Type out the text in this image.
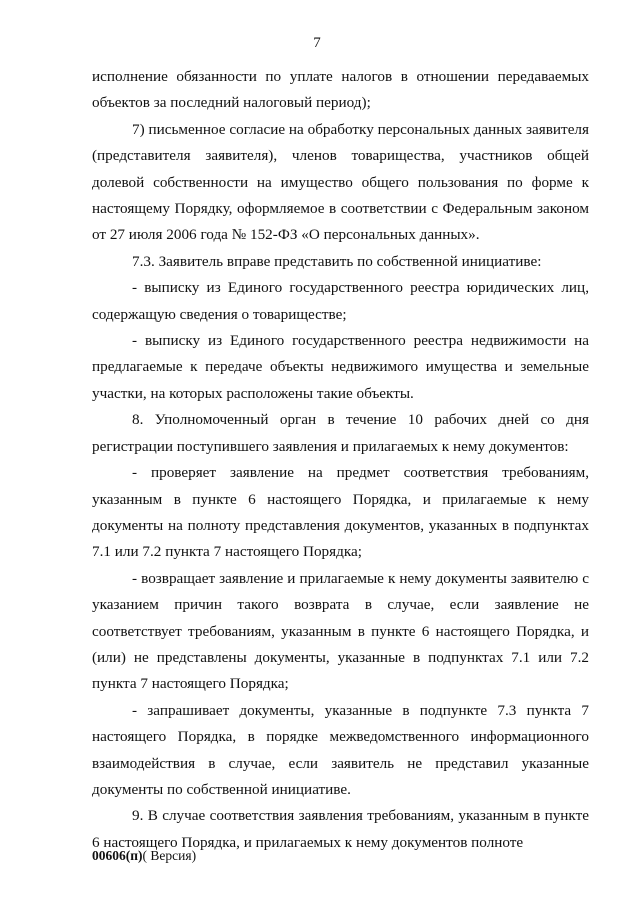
7

исполнение обязанности по уплате налогов в отношении передаваемых объектов за последний налоговый период);

7) письменное согласие на обработку персональных данных заявителя (представителя заявителя), членов товарищества, участников общей долевой собственности на имущество общего пользования по форме к настоящему Порядку, оформляемое в соответствии с Федеральным законом от 27 июля 2006 года № 152-ФЗ «О персональных данных».

7.3. Заявитель вправе представить по собственной инициативе:

- выписку из Единого государственного реестра юридических лиц, содержащую сведения о товариществе;

- выписку из Единого государственного реестра недвижимости на предлагаемые к передаче объекты недвижимого имущества и земельные участки, на которых расположены такие объекты.

8. Уполномоченный орган в течение 10 рабочих дней со дня регистрации поступившего заявления и прилагаемых к нему документов:

- проверяет заявление на предмет соответствия требованиям, указанным в пункте 6 настоящего Порядка, и прилагаемые к нему документы на полноту представления документов, указанных в подпунктах 7.1 или 7.2 пункта 7 настоящего Порядка;

- возвращает заявление и прилагаемые к нему документы заявителю с указанием причин такого возврата в случае, если заявление не соответствует требованиям, указанным в пункте 6 настоящего Порядка, и (или) не представлены документы, указанные в подпунктах 7.1 или 7.2 пункта 7 настоящего Порядка;

- запрашивает документы, указанные в подпункте 7.3 пункта 7 настоящего Порядка, в порядке межведомственного информационного взаимодействия в случае, если заявитель не представил указанные документы по собственной инициативе.

9. В случае соответствия заявления требованиям, указанным в пункте 6 настоящего Порядка, и прилагаемых к нему документов полноте

00606(п)( Версия)
